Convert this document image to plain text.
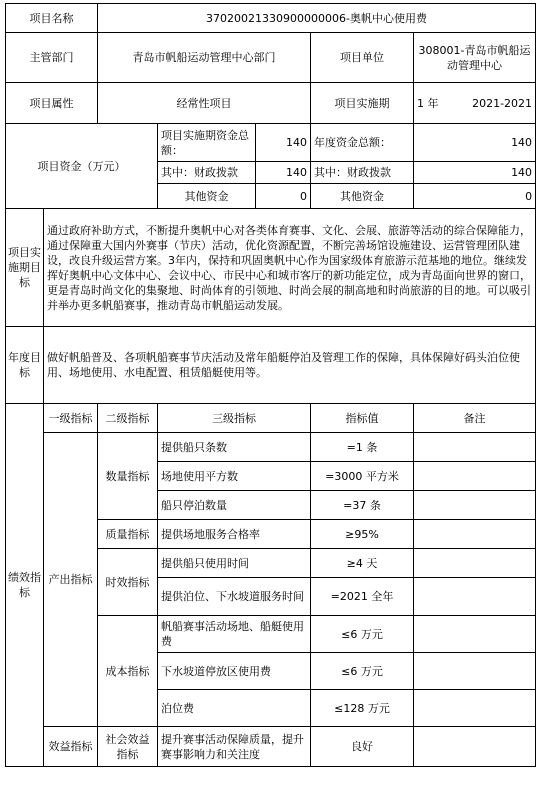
项目名称		37020021330900000006-奥帆中心使用费				
主管部门		青岛市帆船运动管理中心部门			项目单位	308001-青岛市帆船运动管理中心
项目属性		经常性项目			项目实施期	1 年 2021-2021

项目资金（万元）			项目实施期资金总额：	140	年度资金总额：	140
			其中：财政拨款	140	其中：财政拨款	140
			其他资金	0	其他资金	0
项目实施期目标	通过政府补助方式，不断提升奥帆中心对各类体育赛事、文化、会展、旅游等活动的综合保障能力，通过保障重大国内外赛事（节庆）活动，优化资源配置，不断完善场馆设施建设、运营管理团队建设，改良升级运营方案。3年内，保持和巩固奥帆中心作为国家级体育旅游示范基地的地位。继续发挥好奥帆中心文体中心、会议中心、市民中心和城市客厅的新功能定位，成为青岛面向世界的窗口，更是青岛时尚文化的集聚地、时尚体育的引领地、时尚会展的制高地和时尚旅游的目的地。可以吸引并举办更多帆船赛事，推动青岛市帆船运动发展。					
年度目标	做好帆船普及、各项帆船赛事节庆活动及常年船艇停泊及管理工作的保障，具体保障好码头泊位使用、场地使用、水电配置、租赁船艇使用等。					
绩效指标	一级指标	二级指标	三级指标		指标值	备注
	产出指标	数量指标	提供船只条数		=1 条	
			场地使用平方数		=3000 平方米	
			船只停泊数量		=37 条	
		质量指标	提供场地服务合格率		≥95%	
		时效指标	提供船只使用时间		≥4 天	
			提供泊位、下水坡道服务时间		=2021 全年	
		成本指标	帆船赛事活动场地、船艇使用费		≤6 万元	
			下水坡道停放区使用费		≤6 万元	
			泊位费		≤128 万元	
	效益指标	社会效益指标	提升赛事活动保障质量，提升赛事影响力和关注度		良好	
